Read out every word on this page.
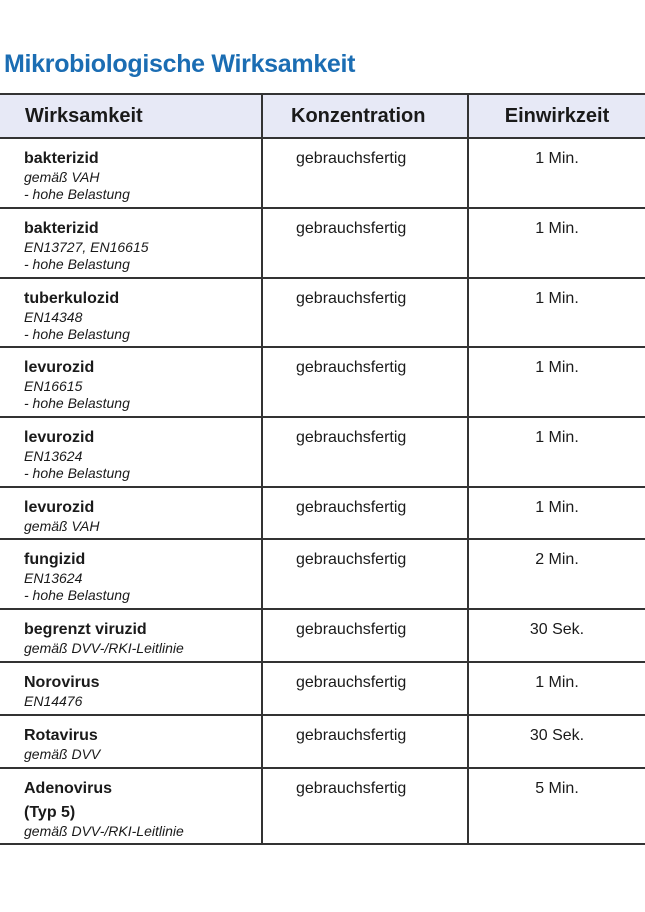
Mikrobiologische Wirksamkeit
Wirksamkeit	Konzentration	Einwirkzeit

bakterizid
gemäß VAH
- hohe Belastung	gebrauchsfertig	1 Min.

bakterizid
EN13727, EN16615
- hohe Belastung	gebrauchsfertig	1 Min.

tuberkulozid
EN14348
- hohe Belastung	gebrauchsfertig	1 Min.

levurozid
EN16615
- hohe Belastung	gebrauchsfertig	1 Min.

levurozid
EN13624
- hohe Belastung	gebrauchsfertig	1 Min.

levurozid
gemäß VAH	gebrauchsfertig	1 Min.

fungizid
EN13624
- hohe Belastung	gebrauchsfertig	2 Min.

begrenzt viruzid
gemäß DVV-/RKI-Leitlinie	gebrauchsfertig	30 Sek.

Norovirus
EN14476	gebrauchsfertig	1 Min.

Rotavirus
gemäß DVV	gebrauchsfertig	30 Sek.

Adenovirus
(Typ 5)
gemäß DVV-/RKI-Leitlinie	gebrauchsfertig	5 Min.
